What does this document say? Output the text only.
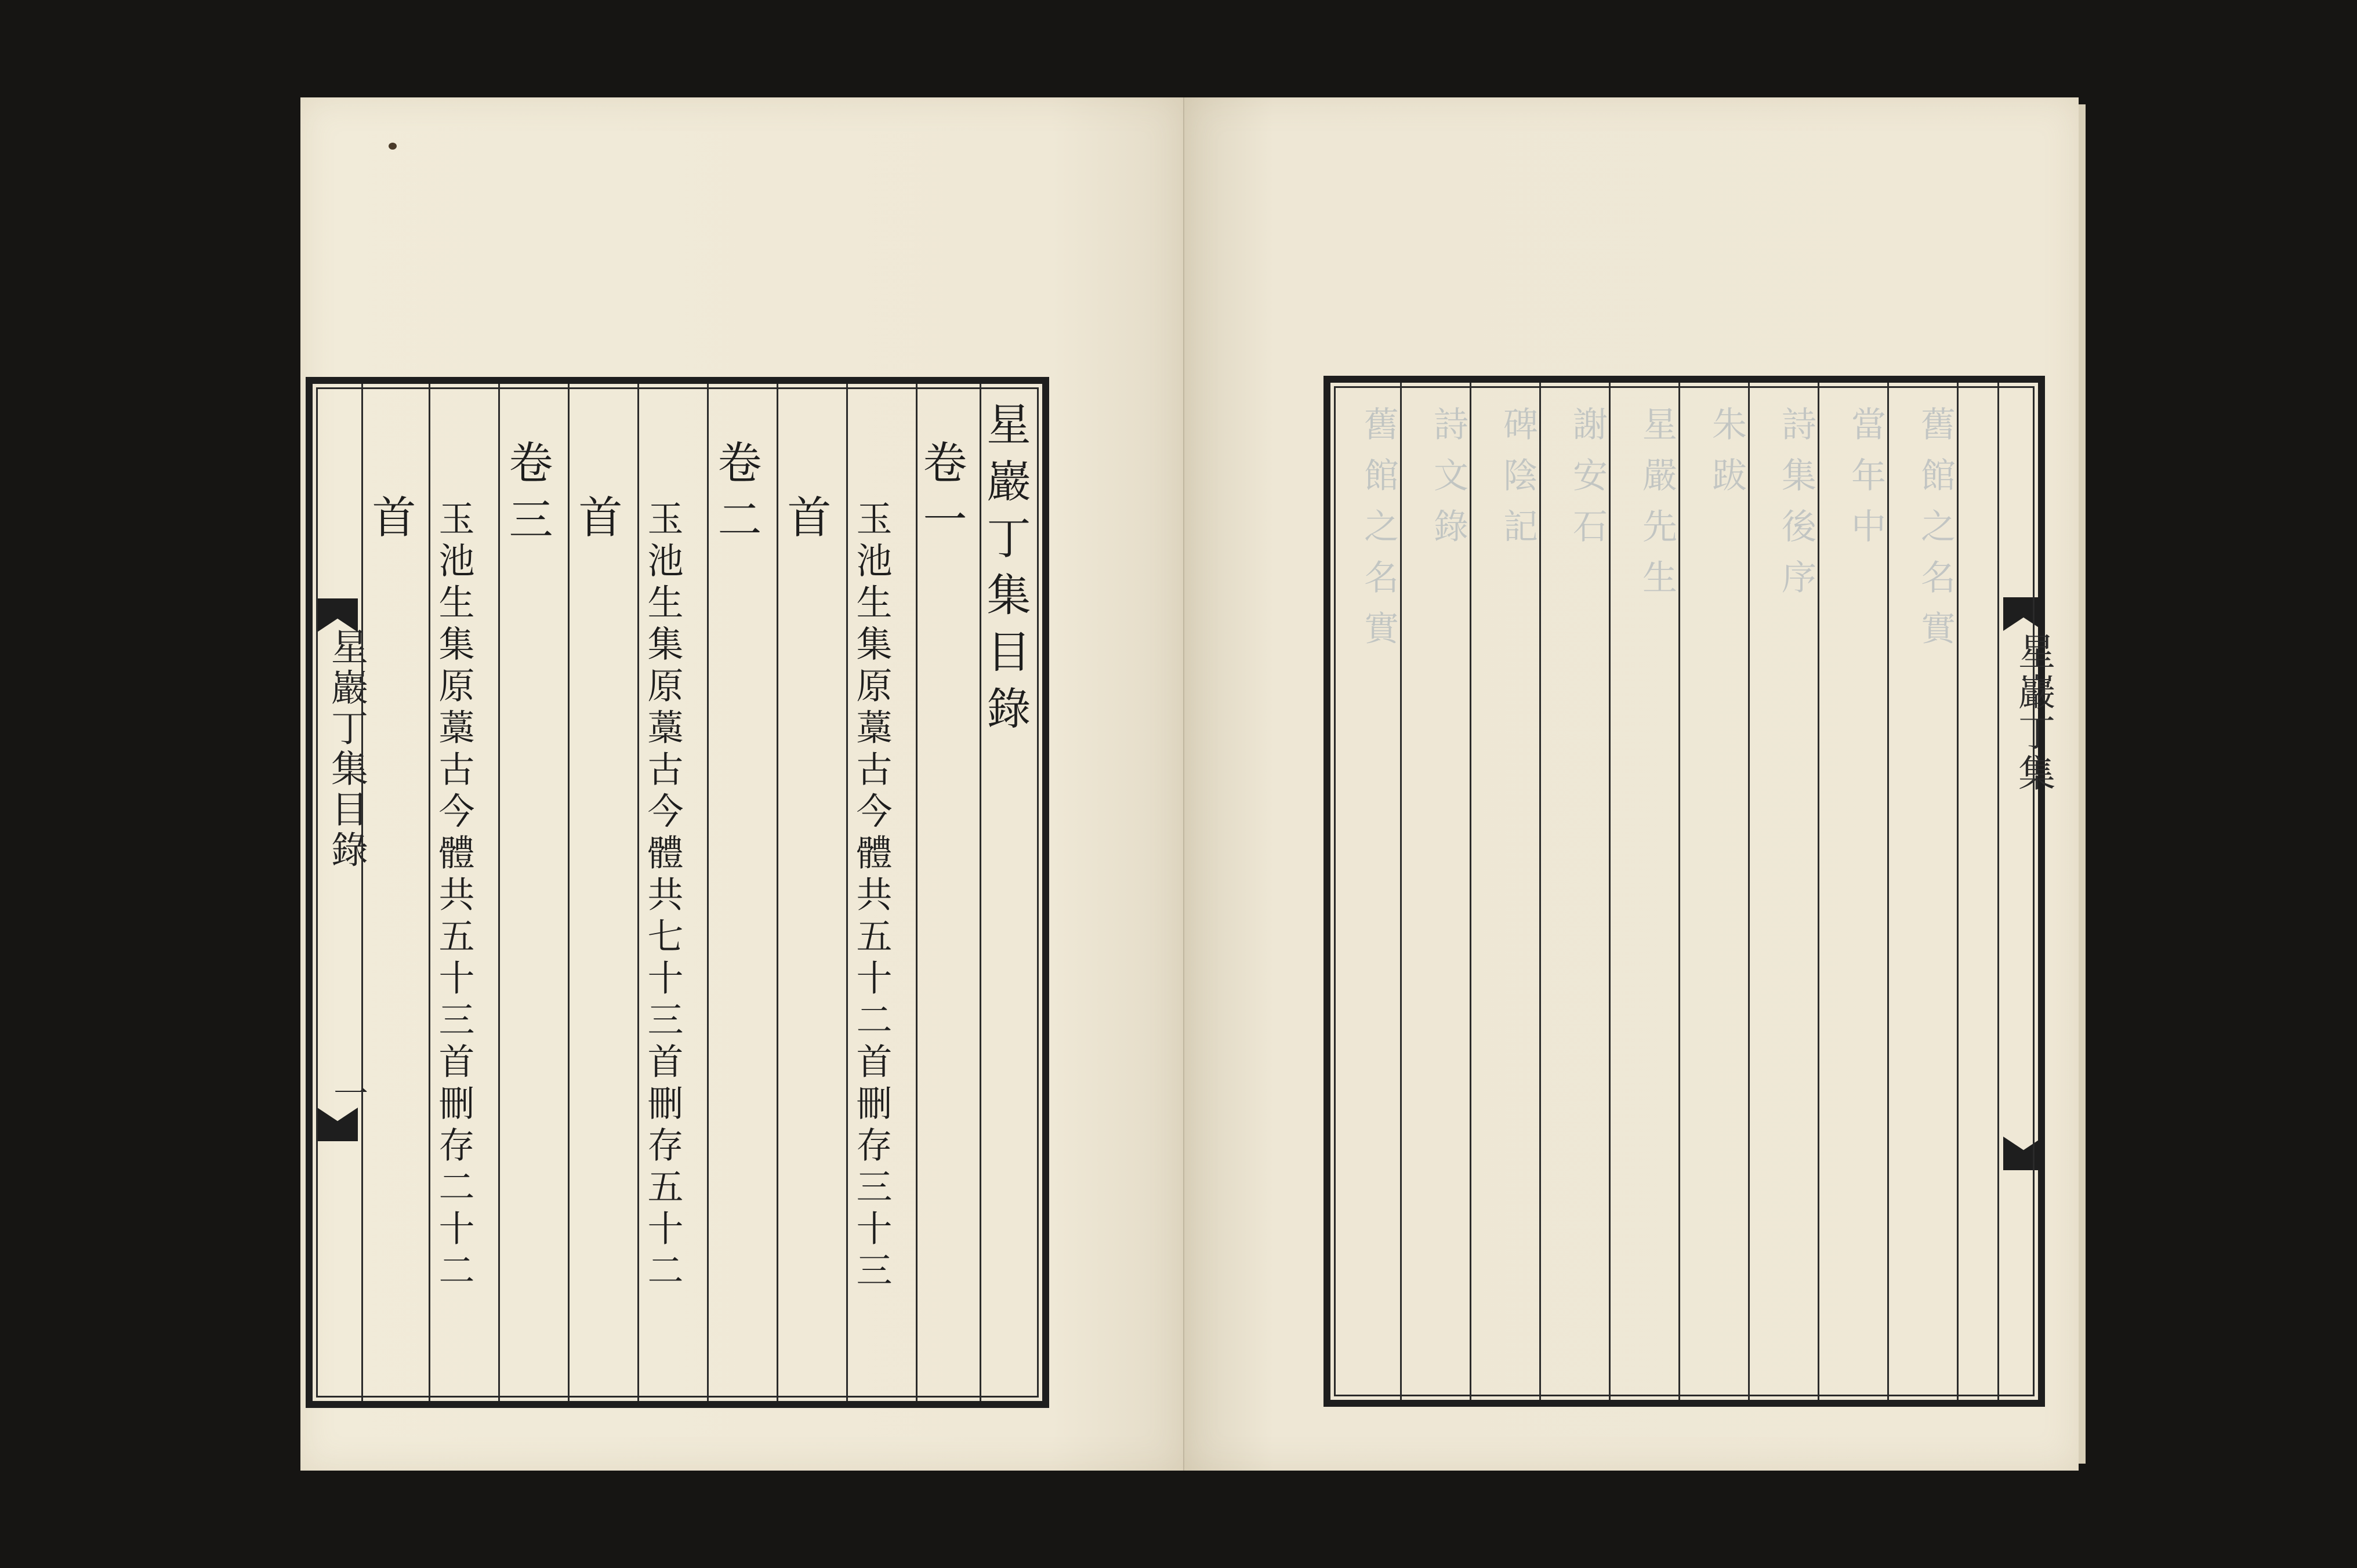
星巖丁集目錄
一
星巖丁集目錄
卷一
玉池生集原藁古今體共五十二首刪存三十三
首
卷二
玉池生集原藁古今體共七十三首刪存五十二
首
卷三
玉池生集原藁古今體共五十三首刪存二十二
首
星巖丁集
舊館之名實
當年中
詩集後序
朱跋
星嚴先生
謝安石
碑陰記
詩文錄
舊館之名實
